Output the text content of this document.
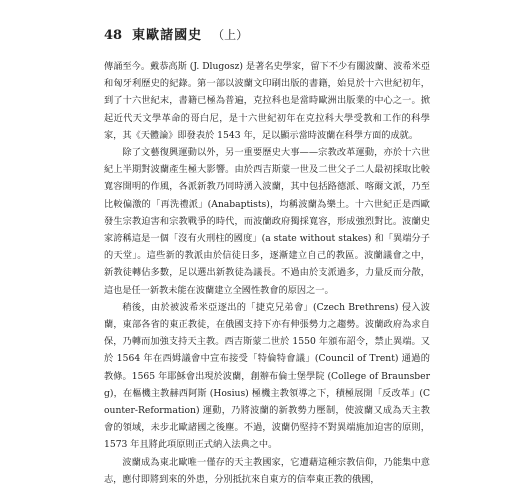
48 東歐諸國史 （上）

傳誦至今。戴恭高斯 (J. Dlugosz) 是著名史學家，留下不少有關波蘭、波希米亞和匈牙利歷史的紀錄。第一部以波蘭文印刷出版的書籍，始見於十六世紀初年，到了十六世紀末，書籍已極為普遍，克拉科也是當時歐洲出版業的中心之一。掀起近代天文學革命的哥白尼，是十六世紀初年在克拉科大學受教和工作的科學家，其《天體論》即發表於 1543 年，足以顯示當時波蘭在科學方面的成就。

除了文藝復興運動以外，另一重要歷史大事——宗教改革運動，亦於十六世紀上半期對波蘭產生極大影響。由於西吉斯蒙一世及二世父子二人最初採取比較寬容開明的作風，各派新教乃同時湧入波蘭，其中包括路德派、喀爾文派，乃至比較偏激的「再洗禮派」(Anabaptists)，均稱波蘭為樂土。十六世紀正是西歐發生宗教迫害和宗教戰爭的時代，而波蘭政府獨採寬容，形成強烈對比。波蘭史家誇稱這是一個「沒有火刑柱的國度」(a state without stakes) 和「異端分子的天堂」。這些新的教派由於信徒日多，逐漸建立自己的教區。波蘭議會之中，新教徒轉佔多數，足以選出新教徒為議長。不過由於支派過多，力量反而分散，這也是任一新教未能在波蘭建立全國性教會的原因之一。

稍後，由於被波希米亞逐出的「捷克兄弟會」(Czech Brethrens) 侵入波蘭，東部各省的東正教徒，在俄國支持下亦有伸張勢力之趨勢。波蘭政府為求自保，乃轉而加強支持天主教。西吉斯蒙二世於 1550 年頒布詔令，禁止異端。又於 1564 年在西姆議會中宣布接受「特倫特會議」(Council of Trent) 通過的教條。1565 年耶穌會出現於波蘭，創辦布倫士堡學院 (College of Braunsberg)，在樞機主教赫西阿斯 (Hosius) 極機主教領導之下，積極展開「反改革」(Counter-Reformation) 運動，乃將波蘭的新教勢力壓制，使波蘭又成為天主教會的領域，未步北歐諸國之後塵。不過，波蘭仍堅持不對異端施加迫害的原則，1573 年且將此項原則正式納入法典之中。

波蘭成為東北歐唯一僅存的天主教國家，它遭藉這種宗教信仰，乃能集中意志，應付即將到來的外患，分別抵抗來自東方的信奉東正教的俄國，
